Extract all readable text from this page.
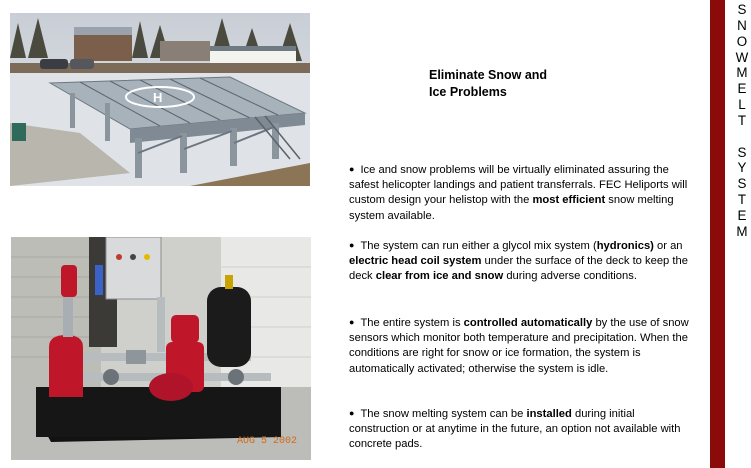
H
Eliminate Snow and
Ice Problems
AUG 5 2002
● Ice and snow problems will be virtually eliminated assuring the safest helicopter landings and patient transferrals. FEC Heliports will custom design your helistop with the most efficient snow melting system available.
● The system can run either a glycol mix system (hydronics) or an electric head coil system under the surface of the deck to keep the deck clear from ice and snow during adverse conditions.
● The entire system is controlled automatically by the use of snow sensors which monitor both temperature and precipitation. When the conditions are right for snow or ice formation, the system is automatically activated; otherwise the system is idle.
● The snow melting system can be installed during initial construction or at anytime in the future, an option not available with concrete pads.
S
N
O
W
M
E
L
T
S
Y
S
T
E
M
